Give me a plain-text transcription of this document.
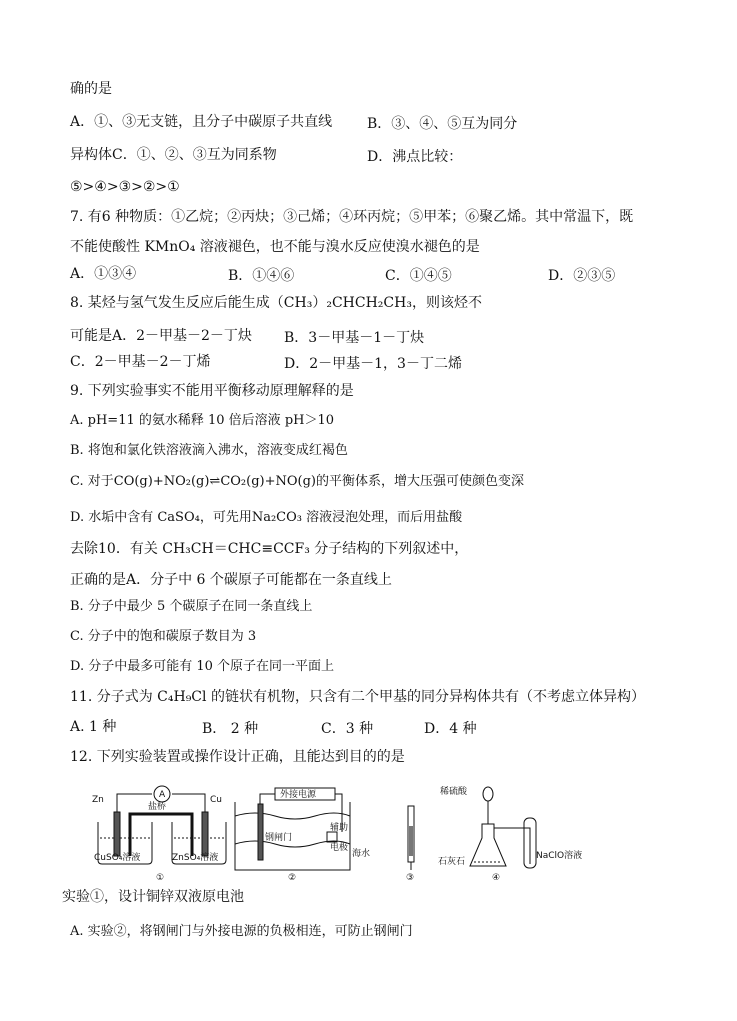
确的是
A．①、③无支链，且分子中碳原子共直线 B．③、④、⑤互为同分
异构体C．①、②、③互为同系物	D．沸点比较：
⑤>④>③>②>①
7. 有6 种物质：①乙烷；②丙炔；③己烯；④环丙烷；⑤甲苯；⑥聚乙烯。其中常温下，既
不能使酸性 KMnO₄ 溶液褪色，也不能与溴水反应使溴水褪色的是
A．①③④	B．①④⑥	C．①④⑤	D．②③⑤
8. 某烃与氢气发生反应后能生成（CH₃）₂CHCH₂CH₃，则该烃不
可能是A．2－甲基－2－丁炔 B．3－甲基－1－丁炔
C．2－甲基－2－丁烯	D．2－甲基－1，3－丁二烯
9. 下列实验事实不能用平衡移动原理解释的是
A. pH=11 的氨水稀释 10 倍后溶液 pH＞10
B. 将饱和氯化铁溶液滴入沸水，溶液变成红褐色
C. 对于CO(g)+NO₂(g)⇌CO₂(g)+NO(g)的平衡体系，增大压强可使颜色变深
D. 水垢中含有 CaSO₄，可先用Na₂CO₃ 溶液浸泡处理，而后用盐酸
去除10．有关 CH₃CH＝CHC≡CCF₃ 分子结构的下列叙述中，
正确的是A．分子中 6 个碳原子可能都在一条直线上
B. 分子中最少 5 个碳原子在同一条直线上
C. 分子中的饱和碳原子数目为 3
D. 分子中最多可能有 10 个原子在同一平面上
11. 分子式为 C₄H₉Cl 的链状有机物，只含有二个甲基的同分异构体共有（不考虑立体异构）
A. 1 种	B． 2 种	C．3 种	D．4 种
12. 下列实验装置或操作设计正确，且能达到目的的是
Zn	Cu
A
盐桥
CuSO₄溶液	ZnSO₄溶液
①
外接电源
钢闸门
辅助
电极
海水
②	③
稀硫酸
石灰石
NaClO溶液
④
实验①，设计铜锌双液原电池
A. 实验②，将钢闸门与外接电源的负极相连，可防止钢闸门
